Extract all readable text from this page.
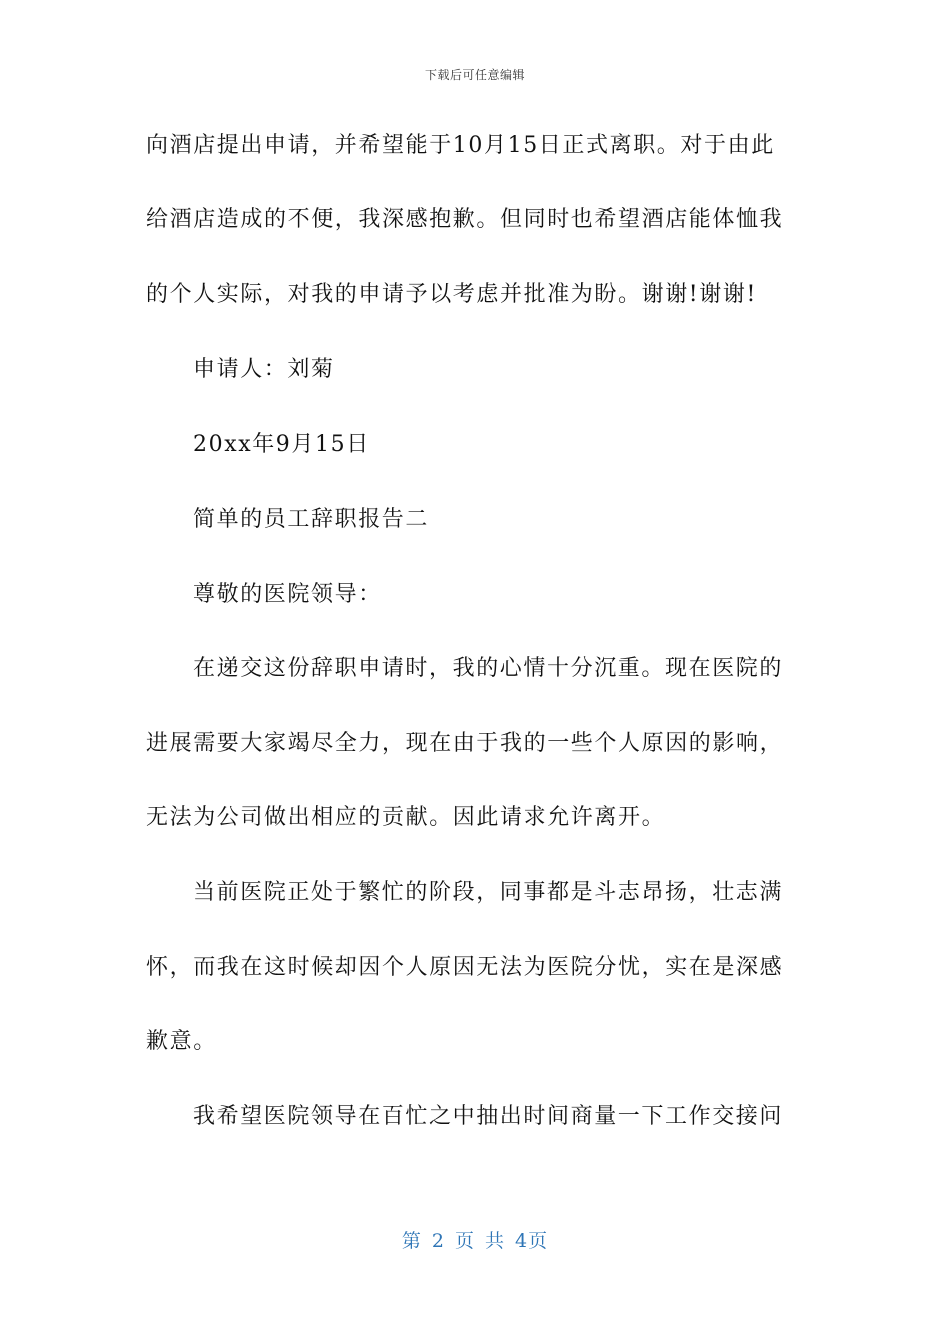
下载后可任意编辑
向酒店提出申请，并希望能于10月15日正式离职。对于由此
给酒店造成的不便，我深感抱歉。但同时也希望酒店能体恤我
的个人实际，对我的申请予以考虑并批准为盼。谢谢!谢谢!
申请人：刘菊
20xx年9月15日
简单的员工辞职报告二
尊敬的医院领导：
在递交这份辞职申请时，我的心情十分沉重。现在医院的
进展需要大家竭尽全力，现在由于我的一些个人原因的影响，
无法为公司做出相应的贡献。因此请求允许离开。
当前医院正处于繁忙的阶段，同事都是斗志昂扬，壮志满
怀，而我在这时候却因个人原因无法为医院分忧，实在是深感
歉意。
我希望医院领导在百忙之中抽出时间商量一下工作交接问
第 2 页 共 4页
